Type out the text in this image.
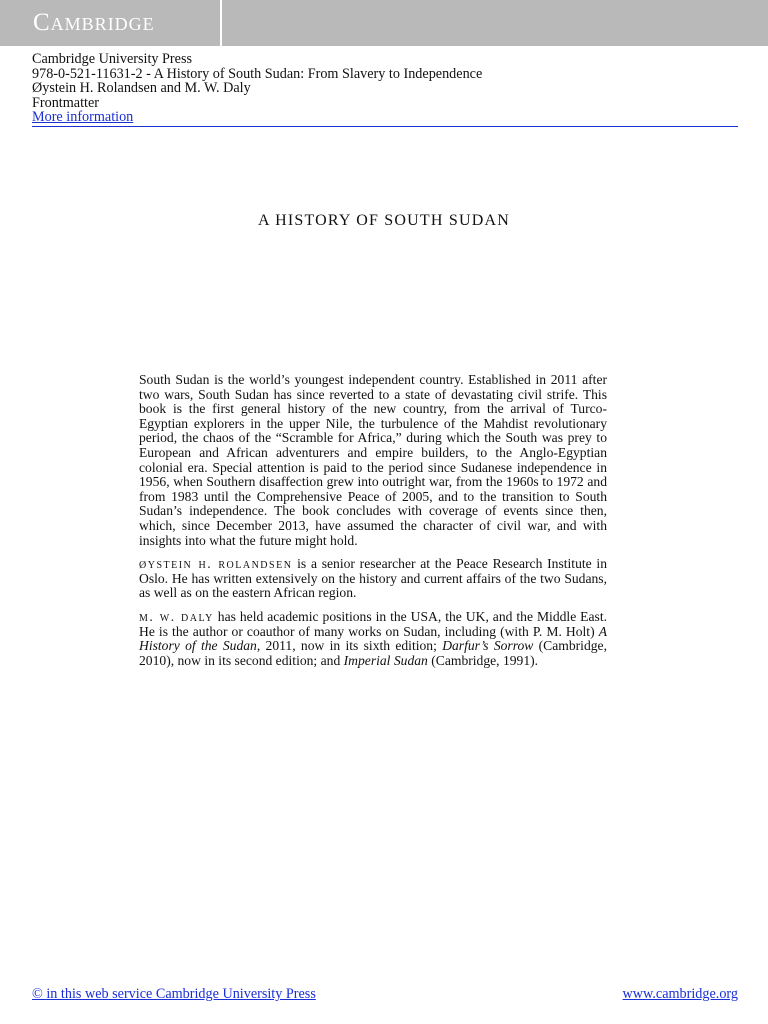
Cambridge
Cambridge University Press
978-0-521-11631-2 - A History of South Sudan: From Slavery to Independence
Øystein H. Rolandsen and M. W. Daly
Frontmatter
More information
A HISTORY OF SOUTH SUDAN

South Sudan is the world’s youngest independent country. Established in 2011 after two wars, South Sudan has since reverted to a state of devastating civil strife. This book is the first general history of the new country, from the arrival of Turco-Egyptian explorers in the upper Nile, the turbulence of the Mahdist revolutionary period, the chaos of the “Scramble for Africa,” during which the South was prey to European and African adventurers and empire builders, to the Anglo-Egyptian colonial era. Special attention is paid to the period since Sudanese independence in 1956, when Southern disaffection grew into outright war, from the 1960s to 1972 and from 1983 until the Comprehensive Peace of 2005, and to the transition to South Sudan’s independence. The book concludes with coverage of events since then, which, since December 2013, have assumed the character of civil war, and with insights into what the future might hold.

øystein h. rolandsen is a senior researcher at the Peace Research Institute in Oslo. He has written extensively on the history and current affairs of the two Sudans, as well as on the eastern African region.

m. w. daly has held academic positions in the USA, the UK, and the Middle East. He is the author or coauthor of many works on Sudan, including (with P. M. Holt) A History of the Sudan, 2011, now in its sixth edition; Darfur’s Sorrow (Cambridge, 2010), now in its second edition; and Imperial Sudan (Cambridge, 1991).

© in this web service Cambridge University Press	www.cambridge.org
